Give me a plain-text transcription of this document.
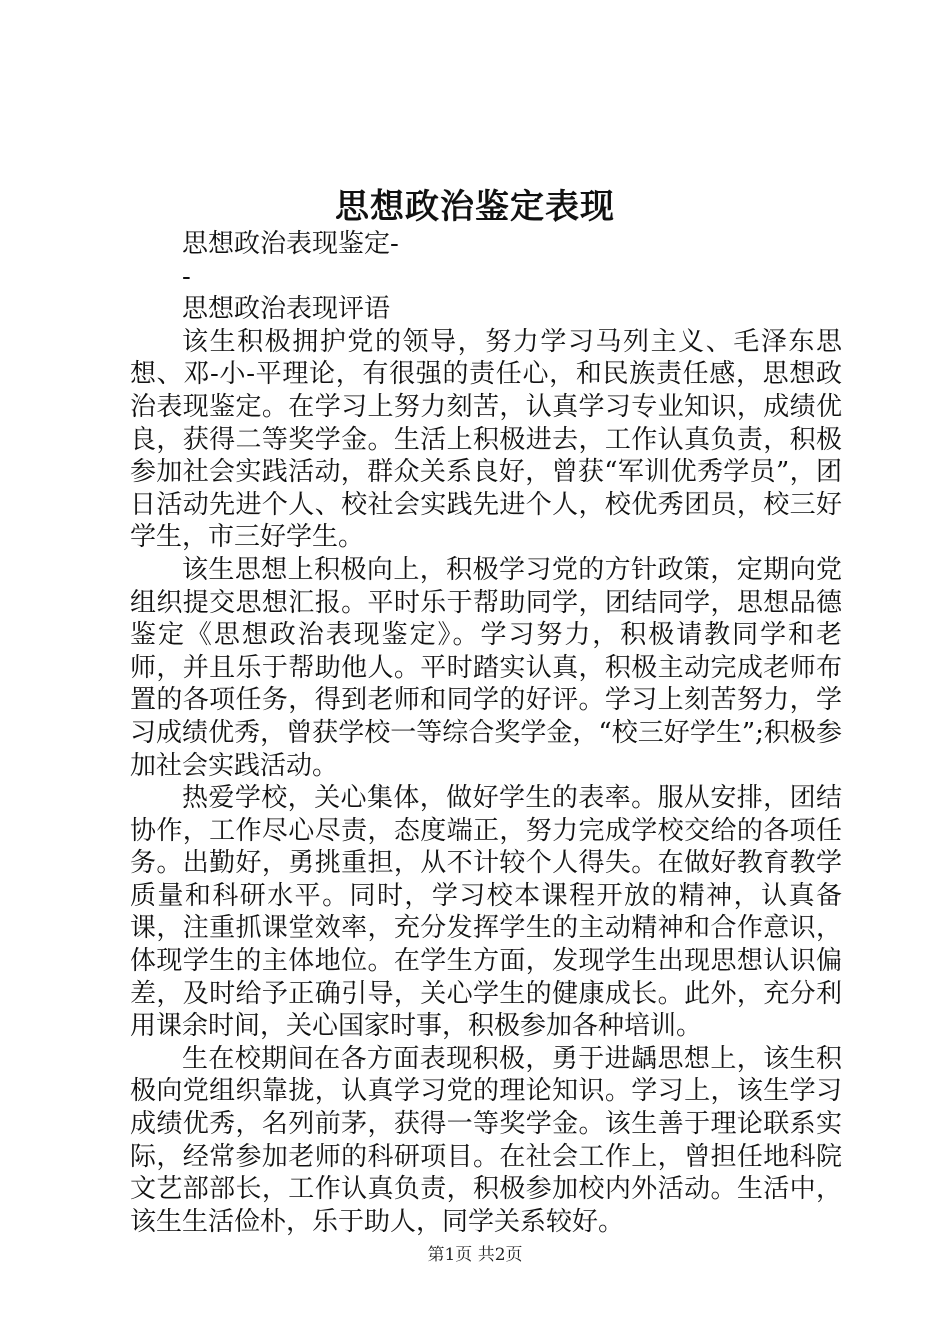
思想政治鉴定表现
思想政治表现鉴定-
-
思想政治表现评语

该生积极拥护党的领导，努力学习马列主义、毛泽东思想、邓-小-平理论，有很强的责任心，和民族责任感，思想政治表现鉴定。在学习上努力刻苦，认真学习专业知识，成绩优良，获得二等奖学金。生活上积极进去，工作认真负责，积极参加社会实践活动，群众关系良好，曾获“军训优秀学员”，团日活动先进个人、校社会实践先进个人，校优秀团员，校三好学生，市三好学生。

该生思想上积极向上，积极学习党的方针政策，定期向党组织提交思想汇报。平时乐于帮助同学，团结同学，思想品德鉴定《思想政治表现鉴定》。学习努力，积极请教同学和老师，并且乐于帮助他人。平时踏实认真，积极主动完成老师布置的各项任务，得到老师和同学的好评。学习上刻苦努力，学习成绩优秀，曾获学校一等综合奖学金，“校三好学生”;积极参加社会实践活动。

热爱学校，关心集体，做好学生的表率。服从安排，团结协作，工作尽心尽责，态度端正，努力完成学校交给的各项任务。出勤好，勇挑重担，从不计较个人得失。在做好教育教学质量和科研水平。同时，学习校本课程开放的精神，认真备课，注重抓课堂效率，充分发挥学生的主动精神和合作意识，体现学生的主体地位。在学生方面，发现学生出现思想认识偏差，及时给予正确引导，关心学生的健康成长。此外，充分利用课余时间，关心国家时事，积极参加各种培训。

生在校期间在各方面表现积极，勇于进龋思想上，该生积极向党组织靠拢，认真学习党的理论知识。学习上，该生学习成绩优秀，名列前茅，获得一等奖学金。该生善于理论联系实际，经常参加老师的科研项目。在社会工作上，曾担任地科院文艺部部长，工作认真负责，积极参加校内外活动。生活中，该生生活俭朴，乐于助人，同学关系较好。

第1页 共2页
